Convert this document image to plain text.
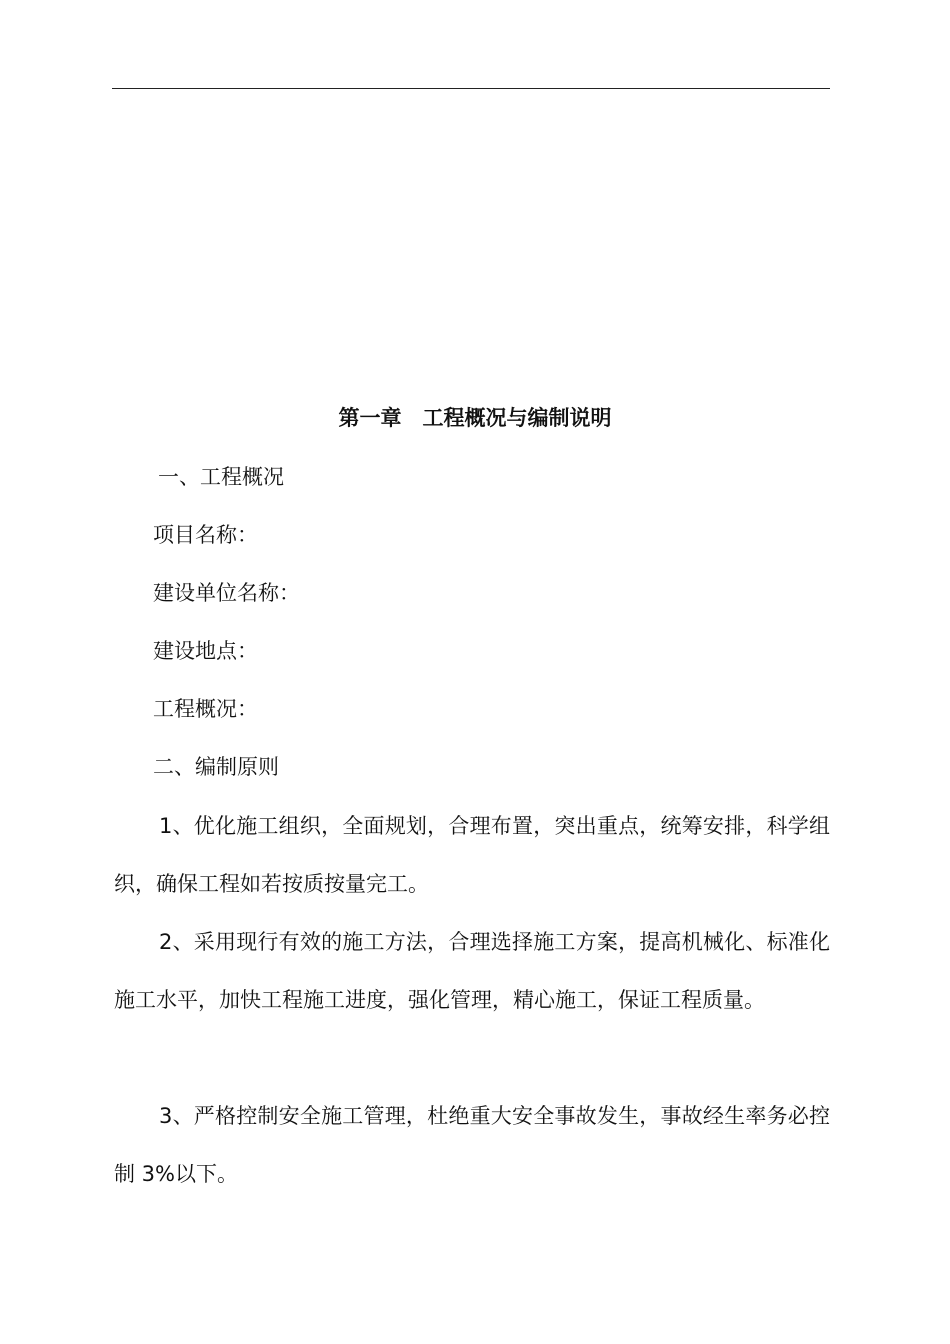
第一章　工程概况与编制说明
一、工程概况
项目名称：
建设单位名称：
建设地点：
工程概况：
二、编制原则
1、优化施工组织，全面规划，合理布置，突出重点，统筹安排，科学组织，确保工程如若按质按量完工。
2、采用现行有效的施工方法，合理选择施工方案，提高机械化、标准化施工水平，加快工程施工进度，强化管理，精心施工，保证工程质量。
3、严格控制安全施工管理，杜绝重大安全事故发生，事故经生率务必控制 3%以下。
